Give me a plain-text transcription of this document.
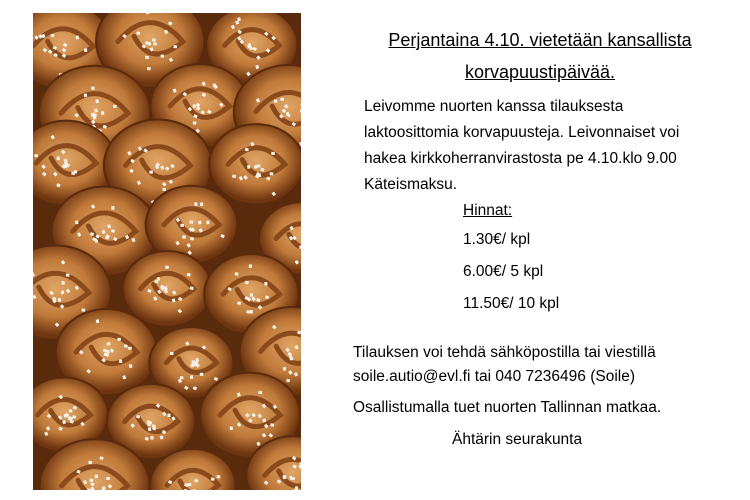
Perjantaina 4.10. vietetään kansallista
korvapuustipäivää.
Leivomme nuorten kanssa tilauksesta
laktoosittomia korvapuusteja. Leivonnaiset voi
hakea kirkkoherranvirastosta pe 4.10.klo 9.00
Käteismaksu.
Hinnat:
1.30€/ kpl
6.00€/ 5 kpl
11.50€/ 10 kpl
Tilauksen voi tehdä sähköpostilla tai viestillä
soile.autio@evl.fi tai 040 7236496 (Soile)
Osallistumalla tuet nuorten Tallinnan matkaa.
Ähtärin seurakunta
